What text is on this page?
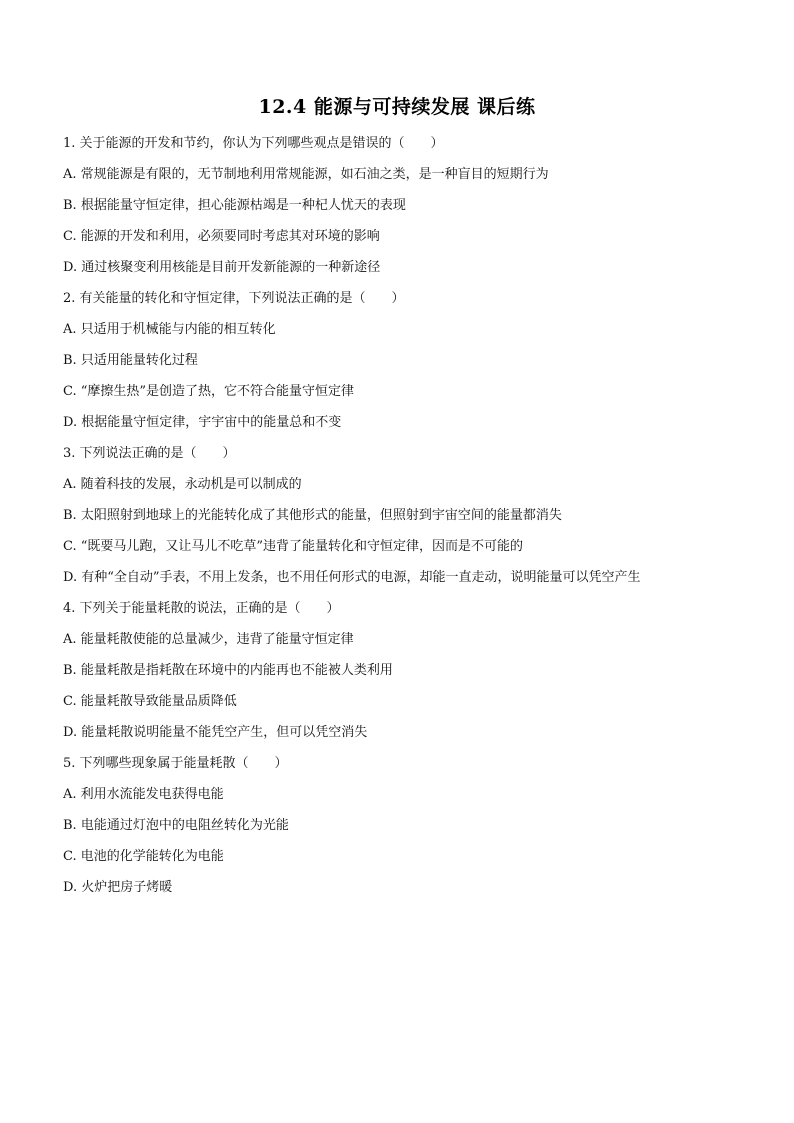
12.4 能源与可持续发展 课后练
1. 关于能源的开发和节约，你认为下列哪些观点是错误的（　　）
A. 常规能源是有限的，无节制地利用常规能源，如石油之类，是一种盲目的短期行为
B. 根据能量守恒定律，担心能源枯竭是一种杞人忧天的表现
C. 能源的开发和利用，必须要同时考虑其对环境的影响
D. 通过核聚变利用核能是目前开发新能源的一种新途径
2. 有关能量的转化和守恒定律，下列说法正确的是（　　）
A. 只适用于机械能与内能的相互转化
B. 只适用能量转化过程
C. “摩擦生热”是创造了热，它不符合能量守恒定律
D. 根据能量守恒定律，宇宇宙中的能量总和不变
3. 下列说法正确的是（　　）
A. 随着科技的发展，永动机是可以制成的
B. 太阳照射到地球上的光能转化成了其他形式的能量，但照射到宇宙空间的能量都消失
C. “既要马儿跑，又让马儿不吃草”违背了能量转化和守恒定律，因而是不可能的
D. 有种“全自动”手表，不用上发条，也不用任何形式的电源，却能一直走动，说明能量可以凭空产生
4. 下列关于能量耗散的说法，正确的是（　　）
A. 能量耗散使能的总量减少，违背了能量守恒定律
B. 能量耗散是指耗散在环境中的内能再也不能被人类利用
C. 能量耗散导致能量品质降低
D. 能量耗散说明能量不能凭空产生，但可以凭空消失
5. 下列哪些现象属于能量耗散（　　）
A. 利用水流能发电获得电能
B. 电能通过灯泡中的电阻丝转化为光能
C. 电池的化学能转化为电能
D. 火炉把房子烤暖
